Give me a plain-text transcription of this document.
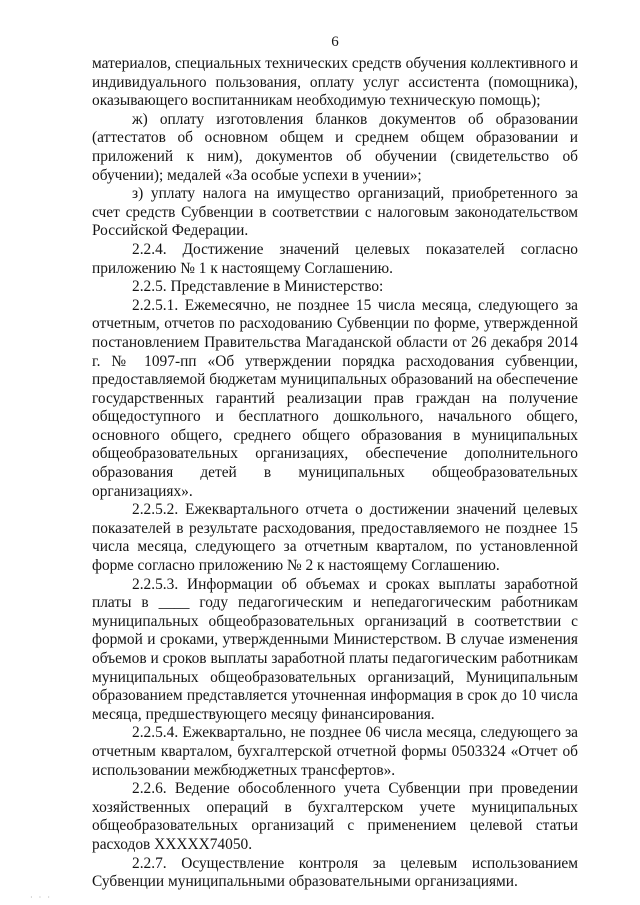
6

материалов, специальных технических средств обучения коллективного и индивидуального пользования, оплату услуг ассистента (помощника), оказывающего воспитанникам необходимую техническую помощь);

ж) оплату изготовления бланков документов об образовании (аттестатов об основном общем и среднем общем образовании и приложений к ним), документов об обучении (свидетельство об обучении); медалей «За особые успехи в учении»;

з) уплату налога на имущество организаций, приобретенного за счет средств Субвенции в соответствии с налоговым законодательством Российской Федерации.

2.2.4. Достижение значений целевых показателей согласно приложению № 1 к настоящему Соглашению.

2.2.5. Представление в Министерство:

2.2.5.1. Ежемесячно, не позднее 15 числа месяца, следующего за отчетным, отчетов по расходованию Субвенции по форме, утвержденной постановлением Правительства Магаданской области от 26 декабря 2014 г. № 1097-пп «Об утверждении порядка расходования субвенции, предоставляемой бюджетам муниципальных образований на обеспечение государственных гарантий реализации прав граждан на получение общедоступного и бесплатного дошкольного, начального общего, основного общего, среднего общего образования в муниципальных общеобразовательных организациях, обеспечение дополнительного образования детей в муниципальных общеобразовательных организациях».

2.2.5.2. Ежеквартального отчета о достижении значений целевых показателей в результате расходования, предоставляемого не позднее 15 числа месяца, следующего за отчетным кварталом, по установленной форме согласно приложению № 2 к настоящему Соглашению.

2.2.5.3. Информации об объемах и сроках выплаты заработной платы в ____ году педагогическим и непедагогическим работникам муниципальных общеобразовательных организаций в соответствии с формой и сроками, утвержденными Министерством. В случае изменения объемов и сроков выплаты заработной платы педагогическим работникам муниципальных общеобразовательных организаций, Муниципальным образованием представляется уточненная информация в срок до 10 числа месяца, предшествующего месяцу финансирования.

2.2.5.4. Ежеквартально, не позднее 06 числа месяца, следующего за отчетным кварталом, бухгалтерской отчетной формы 0503324 «Отчет об использовании межбюджетных трансфертов».

2.2.6. Ведение обособленного учета Субвенции при проведении хозяйственных операций в бухгалтерском учете муниципальных общеобразовательных организаций с применением целевой статьи расходов ХХХХХ74050.

2.2.7. Осуществление контроля за целевым использованием Субвенции муниципальными образовательными организациями.

· · ·
